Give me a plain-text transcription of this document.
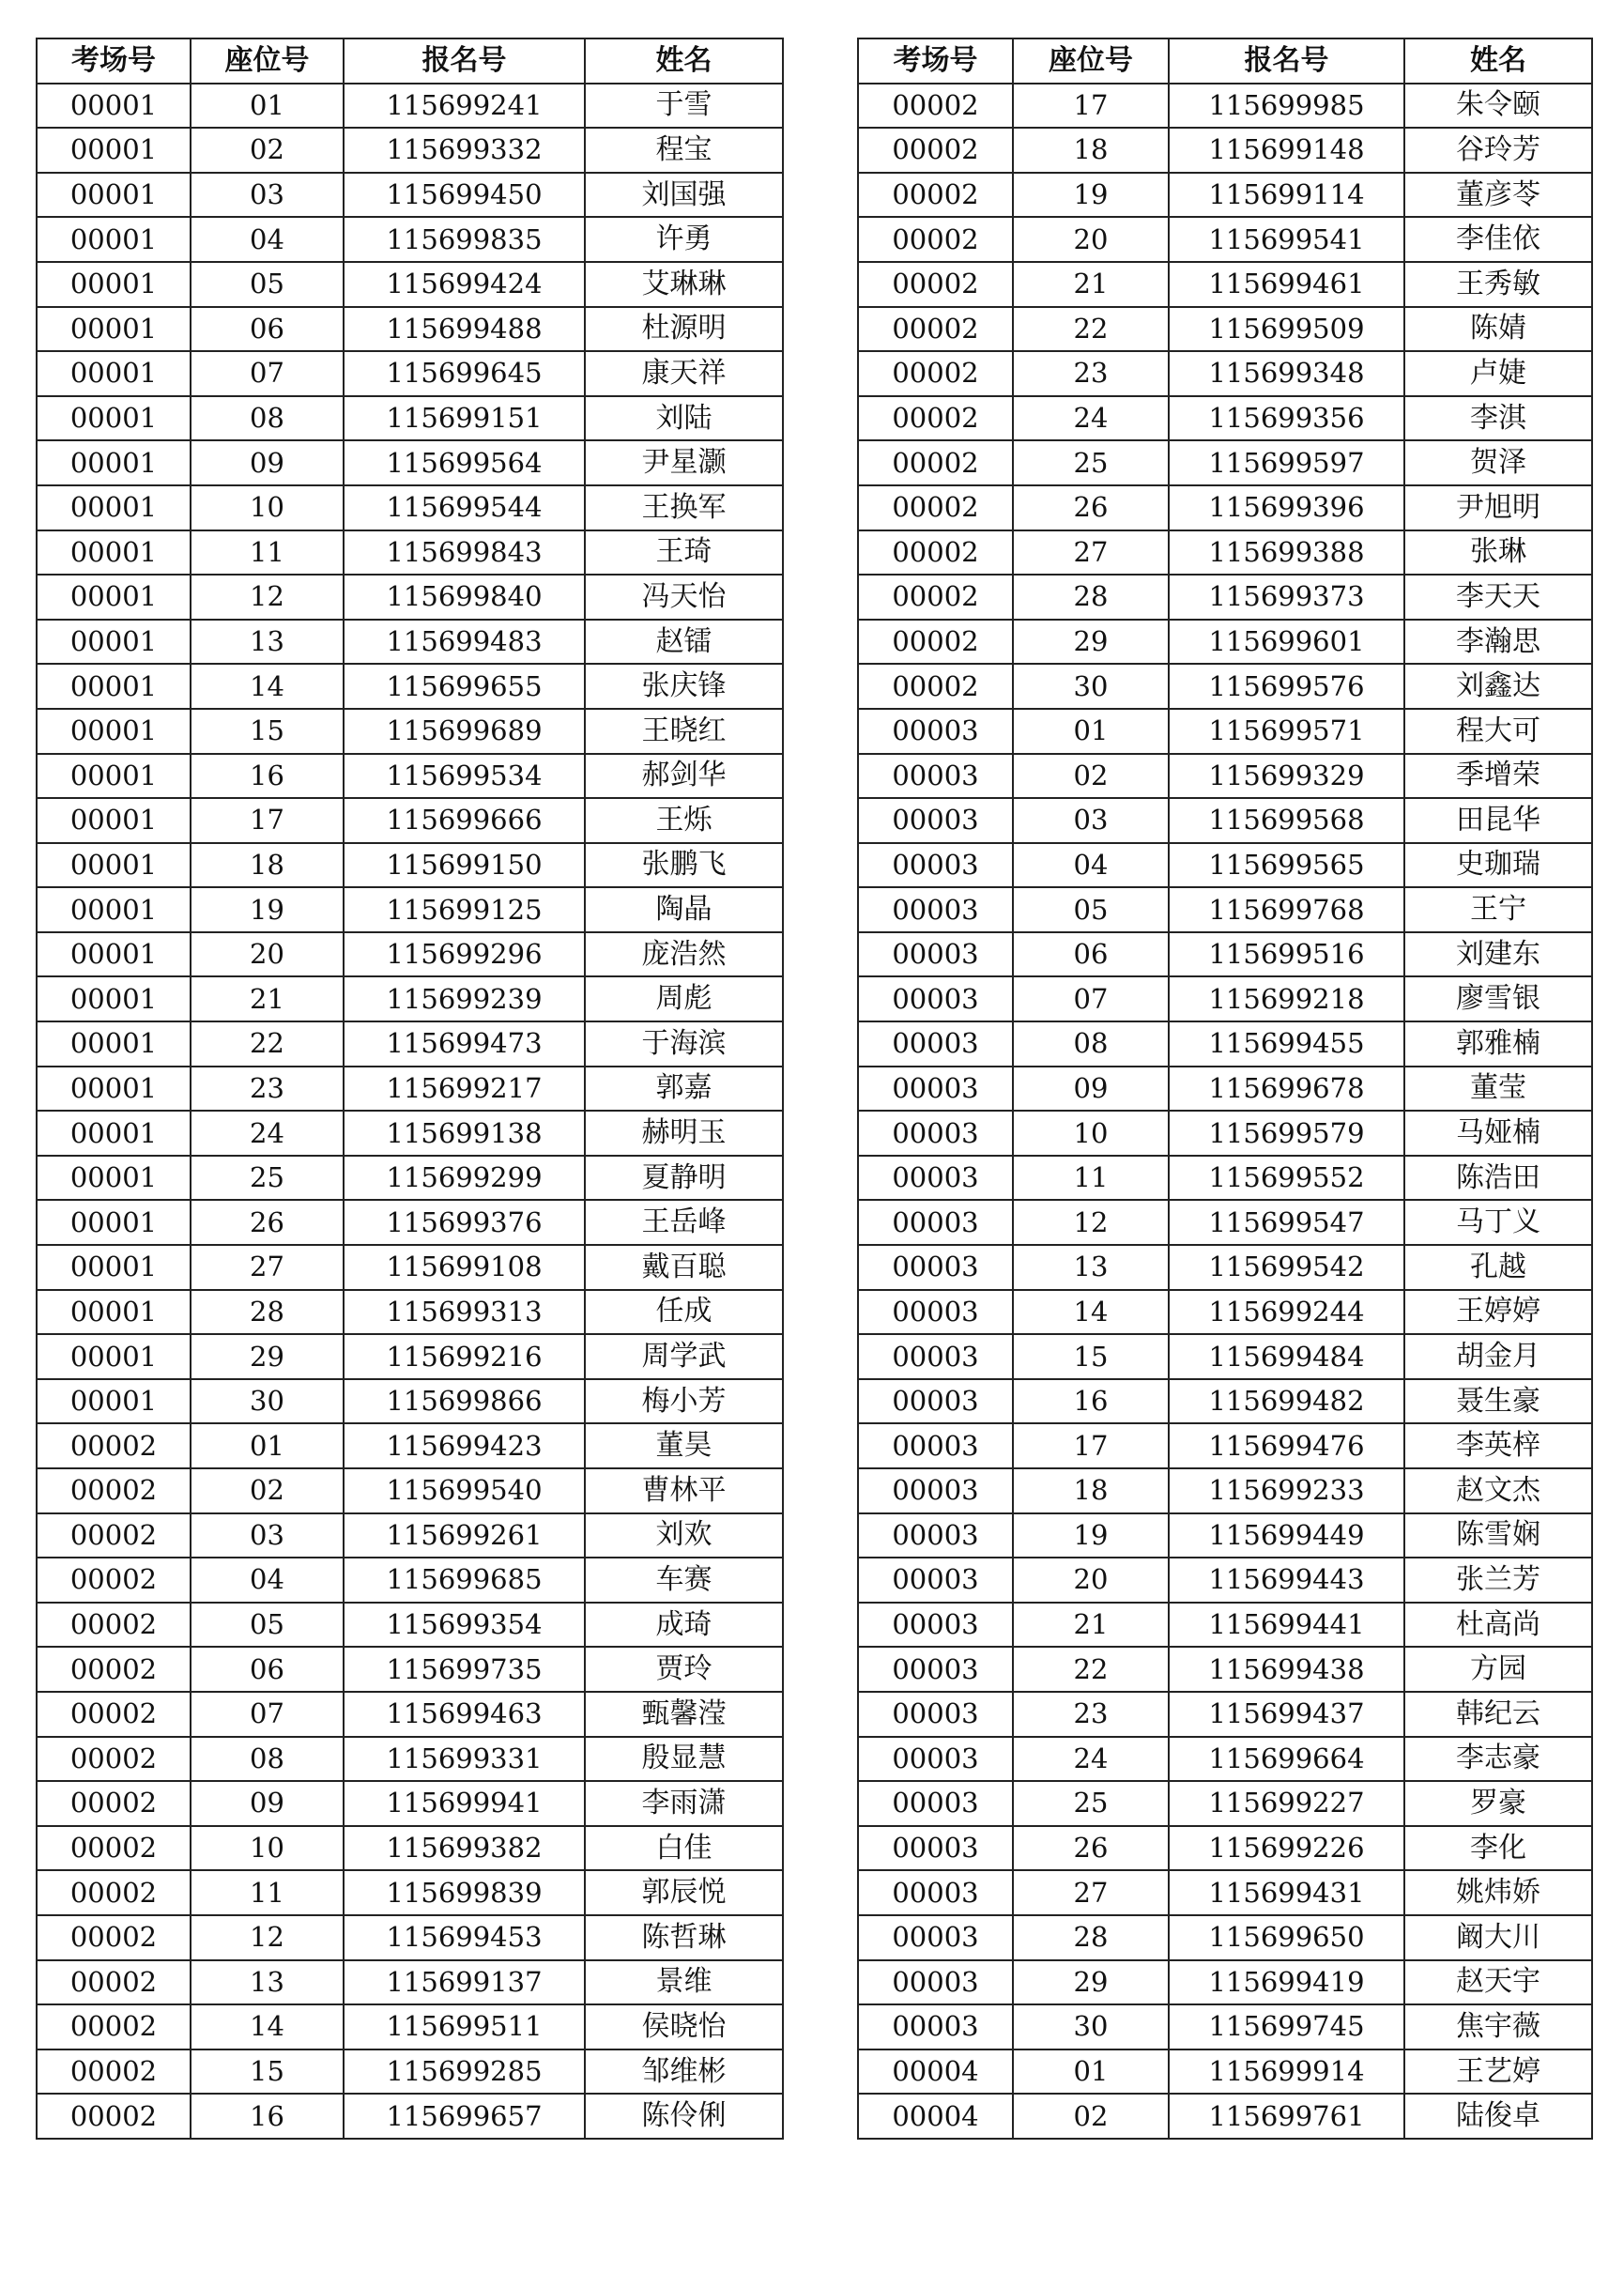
考场号	座位号	报名号	姓名
00001	01	115699241	于雪
00001	02	115699332	程宝
00001	03	115699450	刘国强
00001	04	115699835	许勇
00001	05	115699424	艾琳琳
00001	06	115699488	杜源明
00001	07	115699645	康天祥
00001	08	115699151	刘陆
00001	09	115699564	尹星灏
00001	10	115699544	王换军
00001	11	115699843	王琦
00001	12	115699840	冯天怡
00001	13	115699483	赵镭
00001	14	115699655	张庆锋
00001	15	115699689	王晓红
00001	16	115699534	郝剑华
00001	17	115699666	王烁
00001	18	115699150	张鹏飞
00001	19	115699125	陶晶
00001	20	115699296	庞浩然
00001	21	115699239	周彪
00001	22	115699473	于海滨
00001	23	115699217	郭嘉
00001	24	115699138	赫明玉
00001	25	115699299	夏静明
00001	26	115699376	王岳峰
00001	27	115699108	戴百聪
00001	28	115699313	任成
00001	29	115699216	周学武
00001	30	115699866	梅小芳
00002	01	115699423	董昊
00002	02	115699540	曹林平
00002	03	115699261	刘欢
00002	04	115699685	车赛
00002	05	115699354	成琦
00002	06	115699735	贾玲
00002	07	115699463	甄馨滢
00002	08	115699331	殷显慧
00002	09	115699941	李雨潇
00002	10	115699382	白佳
00002	11	115699839	郭辰悦
00002	12	115699453	陈哲琳
00002	13	115699137	景维
00002	14	115699511	侯晓怡
00002	15	115699285	邹维彬
00002	16	115699657	陈伶俐
考场号	座位号	报名号	姓名
00002	17	115699985	朱令颐
00002	18	115699148	谷玲芳
00002	19	115699114	董彦苓
00002	20	115699541	李佳依
00002	21	115699461	王秀敏
00002	22	115699509	陈婧
00002	23	115699348	卢婕
00002	24	115699356	李淇
00002	25	115699597	贺泽
00002	26	115699396	尹旭明
00002	27	115699388	张琳
00002	28	115699373	李天天
00002	29	115699601	李瀚思
00002	30	115699576	刘鑫达
00003	01	115699571	程大可
00003	02	115699329	季增荣
00003	03	115699568	田昆华
00003	04	115699565	史珈瑞
00003	05	115699768	王宁
00003	06	115699516	刘建东
00003	07	115699218	廖雪银
00003	08	115699455	郭雅楠
00003	09	115699678	董莹
00003	10	115699579	马娅楠
00003	11	115699552	陈浩田
00003	12	115699547	马丁义
00003	13	115699542	孔越
00003	14	115699244	王婷婷
00003	15	115699484	胡金月
00003	16	115699482	聂生豪
00003	17	115699476	李英梓
00003	18	115699233	赵文杰
00003	19	115699449	陈雪娴
00003	20	115699443	张兰芳
00003	21	115699441	杜高尚
00003	22	115699438	方园
00003	23	115699437	韩纪云
00003	24	115699664	李志豪
00003	25	115699227	罗豪
00003	26	115699226	李化
00003	27	115699431	姚炜娇
00003	28	115699650	阚大川
00003	29	115699419	赵天宇
00003	30	115699745	焦宇薇
00004	01	115699914	王艺婷
00004	02	115699761	陆俊卓
